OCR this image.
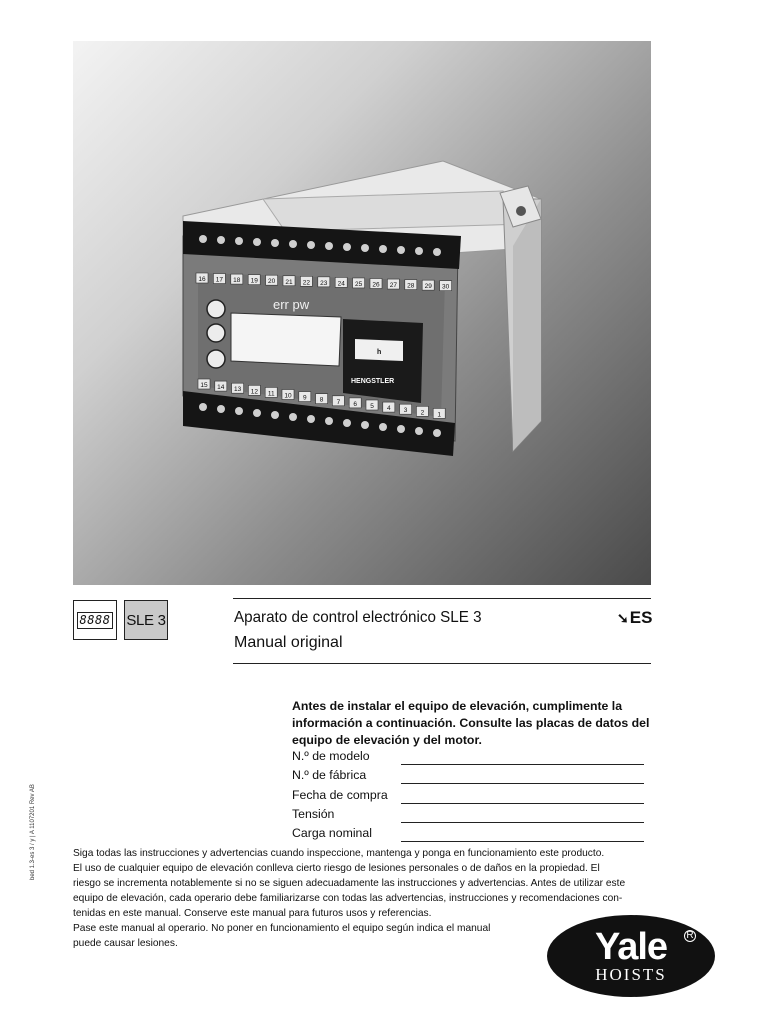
h
HENGSTLER
err pw
16 17 18 19 20 21 22 23 24 25 26 27 28 29 30
15 14 13 12 11 10 9 8 7 6 5 4 3 2 1
8888 SLE 3	Aparato de control electrónico SLE 3
Manual original
➘ ES
Antes de instalar el equipo de elevación, cumplimente la información a continuación. Consulte las placas de datos del equipo de elevación y del motor.
N.º de modelo
N.º de fábrica
Fecha de compra
Tensión
Carga nominal
Siga todas las instrucciones y advertencias cuando inspeccione, mantenga y ponga en funcionamiento este producto.
El uso de cualquier equipo de elevación conlleva cierto riesgo de lesiones personales o de daños en la propiedad. El
riesgo se incrementa notablemente si no se siguen adecuadamente las instrucciones y advertencias. Antes de utilizar este
equipo de elevación, cada operario debe familiarizarse con todas las advertencias, instrucciones y recomendaciones con-
tenidas en este manual. Conserve este manual para futuros usos y referencias.
Pase este manual al operario. No poner en funcionamiento el equipo según indica el manual
puede causar lesiones.
bed 1.3-es 3 / y | A 1107201 Rev AB
Yale	R
HOISTS
